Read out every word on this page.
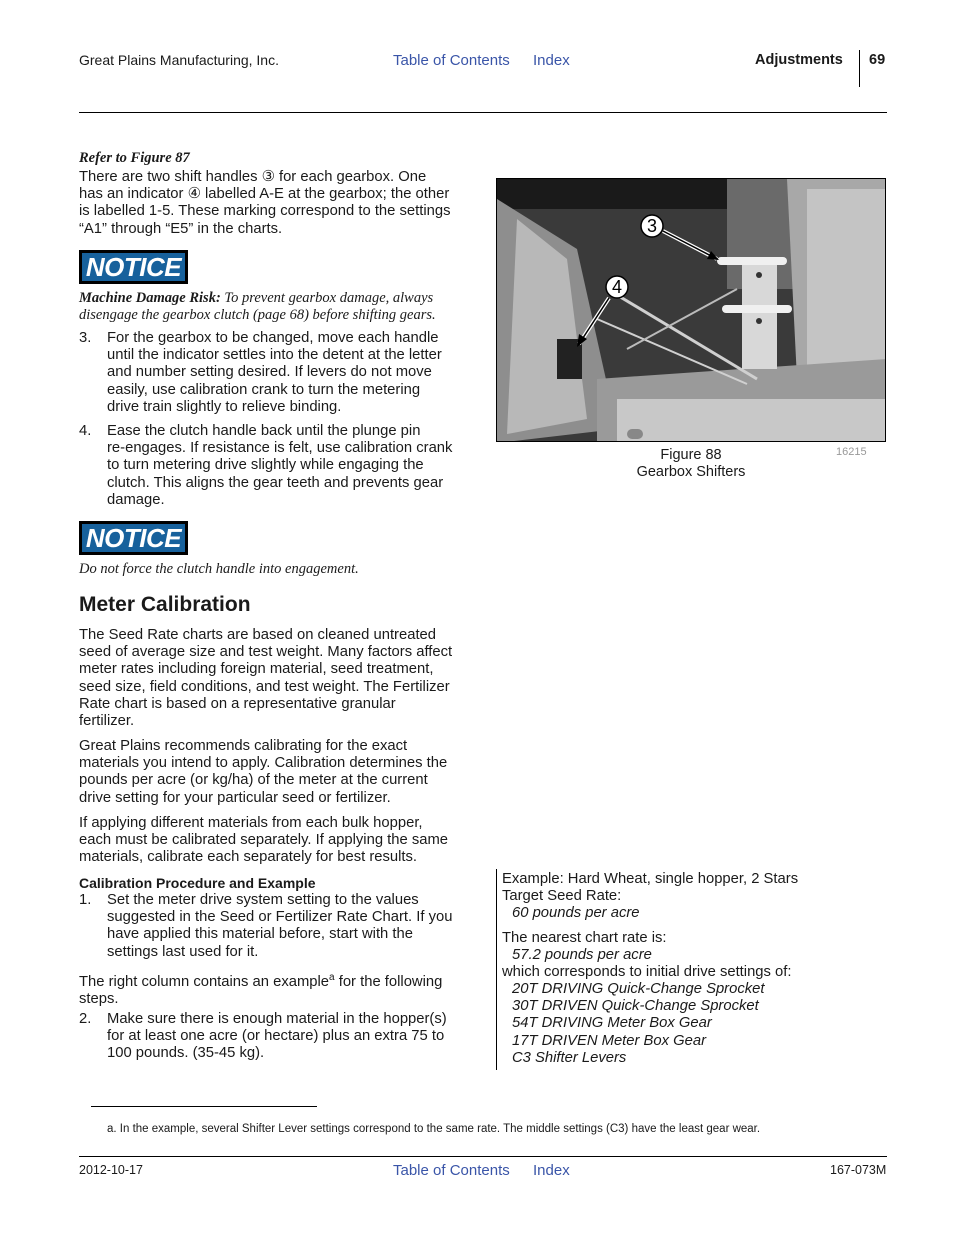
Great Plains Manufacturing, Inc.	Table of Contents Index	Adjustments 69
Refer to Figure 87
There are two shift handles ③ for each gearbox. One
has an indicator ④ labelled A-E at the gearbox; the other
is labelled 1-5. These marking correspond to the settings
“A1” through “E5” in the charts.
NOTICE
Machine Damage Risk: To prevent gearbox damage, always
disengage the gearbox clutch (page 68) before shifting gears.
3. For the gearbox to be changed, move each handle
until the indicator settles into the detent at the letter
and number setting desired. If levers do not move
easily, use calibration crank to turn the metering
drive train slightly to relieve binding.
4. Ease the clutch handle back until the plunge pin
re-engages. If resistance is felt, use calibration crank
to turn metering drive slightly while engaging the
clutch. This aligns the gear teeth and prevents gear
damage.
NOTICE
Do not force the clutch handle into engagement.
Meter Calibration
The Seed Rate charts are based on cleaned untreated
seed of average size and test weight. Many factors affect
meter rates including foreign material, seed treatment,
seed size, field conditions, and test weight. The Fertilizer
Rate chart is based on a representative granular
fertilizer.
Great Plains recommends calibrating for the exact
materials you intend to apply. Calibration determines the
pounds per acre (or kg/ha) of the meter at the current
drive setting for your particular seed or fertilizer.
If applying different materials from each bulk hopper,
each must be calibrated separately. If applying the same
materials, calibrate each separately for best results.
Calibration Procedure and Example
1. Set the meter drive system setting to the values
suggested in the Seed or Fertilizer Rate Chart. If you
have applied this material before, start with the
settings last used for it.
The right column contains an example$^a$ for the following
steps.
2. Make sure there is enough material in the hopper(s)
for at least one acre (or hectare) plus an extra 75 to
100 pounds. (35-45 kg).
3
4
Figure 88
Gearbox Shifters
16215
Example: Hard Wheat, single hopper, 2 Stars
Target Seed Rate:
60 pounds per acre
The nearest chart rate is:
57.2 pounds per acre
which corresponds to initial drive settings of:
20T DRIVING Quick-Change Sprocket
30T DRIVEN Quick-Change Sprocket
54T DRIVING Meter Box Gear
17T DRIVEN Meter Box Gear
C3 Shifter Levers
a. In the example, several Shifter Lever settings correspond to the same rate. The middle settings (C3) have the least gear wear.
2012-10-17	Table of Contents Index	167-073M
